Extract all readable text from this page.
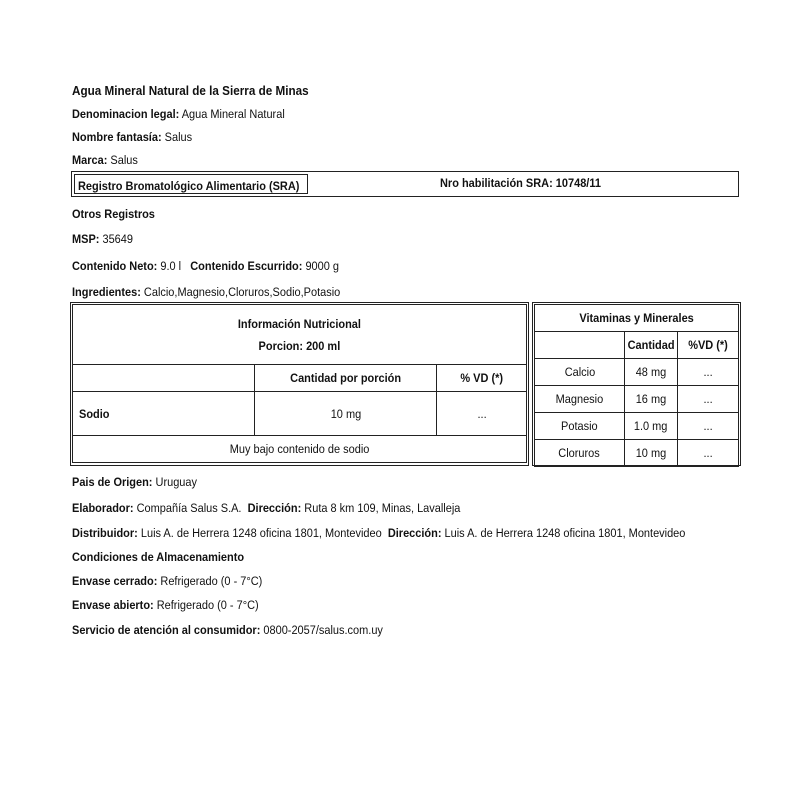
Agua Mineral Natural de la Sierra de Minas
Denominacion legal: Agua Mineral Natural
Nombre fantasía: Salus
Marca: Salus
Registro Bromatológico Alimentario (SRA)	Nro habilitación SRA: 10748/11
Otros Registros
MSP: 35649
Contenido Neto: 9.0 l Contenido Escurrido: 9000 g
Ingredientes: Calcio,Magnesio,Cloruros,Sodio,Potasio
Información Nutricional
Porcion: 200 ml		
	Cantidad por porción	% VD (*)
Sodio	10 mg	...
Muy bajo contenido de sodio		
Vitaminas y Minerales		
	Cantidad	%VD (*)
Calcio	48 mg	...
Magnesio	16 mg	...
Potasio	1.0 mg	...
Cloruros	10 mg	...
Pais de Origen: Uruguay
Elaborador: Compañía Salus S.A. Dirección: Ruta 8 km 109, Minas, Lavalleja
Distribuidor: Luis A. de Herrera 1248 oficina 1801, Montevideo Dirección: Luis A. de Herrera 1248 oficina 1801, Montevideo
Condiciones de Almacenamiento
Envase cerrado: Refrigerado (0 - 7°C)
Envase abierto: Refrigerado (0 - 7°C)
Servicio de atención al consumidor: 0800-2057/salus.com.uy
